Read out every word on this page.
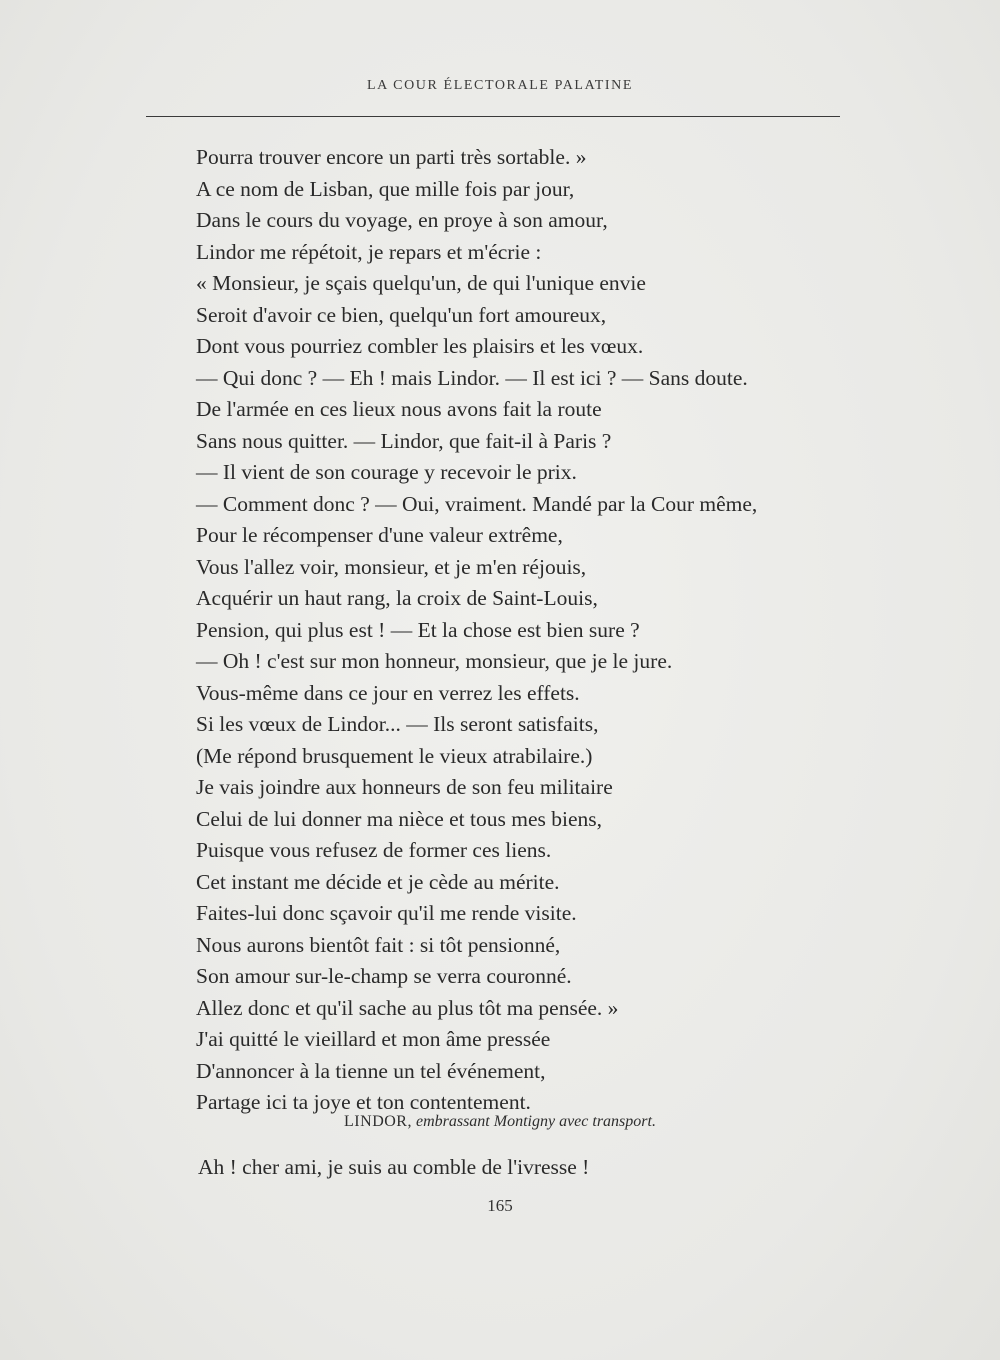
LA COUR ÉLECTORALE PALATINE
Pourra trouver encore un parti très sortable. »
A ce nom de Lisban, que mille fois par jour,
Dans le cours du voyage, en proye à son amour,
Lindor me répétoit, je repars et m'écrie :
« Monsieur, je sçais quelqu'un, de qui l'unique envie
Seroit d'avoir ce bien, quelqu'un fort amoureux,
Dont vous pourriez combler les plaisirs et les vœux.
— Qui donc ? — Eh ! mais Lindor. — Il est ici ? — Sans doute.
De l'armée en ces lieux nous avons fait la route
Sans nous quitter. — Lindor, que fait-il à Paris ?
— Il vient de son courage y recevoir le prix.
— Comment donc ? — Oui, vraiment. Mandé par la Cour même,
Pour le récompenser d'une valeur extrême,
Vous l'allez voir, monsieur, et je m'en réjouis,
Acquérir un haut rang, la croix de Saint-Louis,
Pension, qui plus est ! — Et la chose est bien sure ?
— Oh ! c'est sur mon honneur, monsieur, que je le jure.
Vous-même dans ce jour en verrez les effets.
Si les vœux de Lindor... — Ils seront satisfaits,
(Me répond brusquement le vieux atrabilaire.)
Je vais joindre aux honneurs de son feu militaire
Celui de lui donner ma nièce et tous mes biens,
Puisque vous refusez de former ces liens.
Cet instant me décide et je cède au mérite.
Faites-lui donc sçavoir qu'il me rende visite.
Nous aurons bientôt fait : si tôt pensionné,
Son amour sur-le-champ se verra couronné.
Allez donc et qu'il sache au plus tôt ma pensée. »
J'ai quitté le vieillard et mon âme pressée
D'annoncer à la tienne un tel événement,
Partage ici ta joye et ton contentement.
LINDOR, embrassant Montigny avec transport.
Ah ! cher ami, je suis au comble de l'ivresse !
165
